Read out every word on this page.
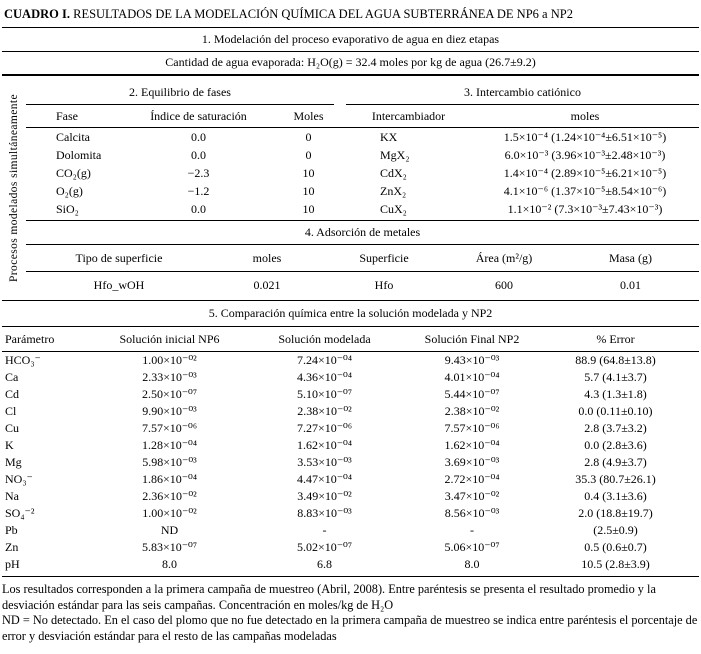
CUADRO I. RESULTADOS DE LA MODELACIÓN QUÍMICA DEL AGUA SUBTERRÁNEA DE NP6 a NP2
1. Modelación del proceso evaporativo de agua en diez etapas
Cantidad de agua evaporada: H₂O(g) = 32.4 moles por kg de agua (26.7±9.2)
Procesos modelados simultáneamente
2. Equilibrio de fases	3. Intercambio catiónico
Fase	Índice de saturación	Moles	Intercambiador	moles
Calcita	0.0	0	KX	1.5×10⁻⁴ (1.24×10⁻⁴±6.51×10⁻⁵)
Dolomita	0.0	0	MgX₂	6.0×10⁻³ (3.96×10⁻³±2.48×10⁻³)
CO₂(g)	−2.3	10	CdX₂	1.4×10⁻⁴ (2.89×10⁻⁵±6.21×10⁻⁵)
O₂(g)	−1.2	10	ZnX₂	4.1×10⁻⁶ (1.37×10⁻⁵±8.54×10⁻⁶)
SiO₂	0.0	10	CuX₂	1.1×10⁻² (7.3×10⁻³±7.43×10⁻³)
4. Adsorción de metales
Tipo de superficie	moles	Superficie	Área (m²/g)	Masa (g)
Hfo_wOH	0.021	Hfo	600	0.01
5. Comparación química entre la solución modelada y NP2
Parámetro	Solución inicial NP6	Solución modelada	Solución Final NP2	% Error
HCO₃⁻	1.00×10⁻⁰²	7.24×10⁻⁰⁴	9.43×10⁻⁰³	88.9 (64.8±13.8)
Ca	2.33×10⁻⁰³	4.36×10⁻⁰⁴	4.01×10⁻⁰⁴	5.7 (4.1±3.7)
Cd	2.50×10⁻⁰⁷	5.10×10⁻⁰⁷	5.44×10⁻⁰⁷	4.3 (1.3±1.8)
Cl	9.90×10⁻⁰³	2.38×10⁻⁰²	2.38×10⁻⁰²	0.0 (0.11±0.10)
Cu	7.57×10⁻⁰⁶	7.27×10⁻⁰⁶	7.57×10⁻⁰⁶	2.8 (3.7±3.2)
K	1.28×10⁻⁰⁴	1.62×10⁻⁰⁴	1.62×10⁻⁰⁴	0.0 (2.8±3.6)
Mg	5.98×10⁻⁰³	3.53×10⁻⁰³	3.69×10⁻⁰³	2.8 (4.9±3.7)
NO₃⁻	1.86×10⁻⁰⁴	4.47×10⁻⁰⁴	2.72×10⁻⁰⁴	35.3 (80.7±26.1)
Na	2.36×10⁻⁰²	3.49×10⁻⁰²	3.47×10⁻⁰²	0.4 (3.1±3.6)
SO₄⁻²	1.00×10⁻⁰²	8.83×10⁻⁰³	8.56×10⁻⁰³	2.0 (18.8±19.7)
Pb	ND	-	-	(2.5±0.9)
Zn	5.83×10⁻⁰⁷	5.02×10⁻⁰⁷	5.06×10⁻⁰⁷	0.5 (0.6±0.7)
pH	8.0	6.8	8.0	10.5 (2.8±3.9)

Los resultados corresponden a la primera campaña de muestreo (Abril, 2008). Entre paréntesis se presenta el resultado promedio y la desviación estándar para las seis campañas. Concentración en moles/kg de H₂O

ND = No detectado. En el caso del plomo que no fue detectado en la primera campaña de muestreo se indica entre paréntesis el porcentaje de error y desviación estándar para el resto de las campañas modeladas
